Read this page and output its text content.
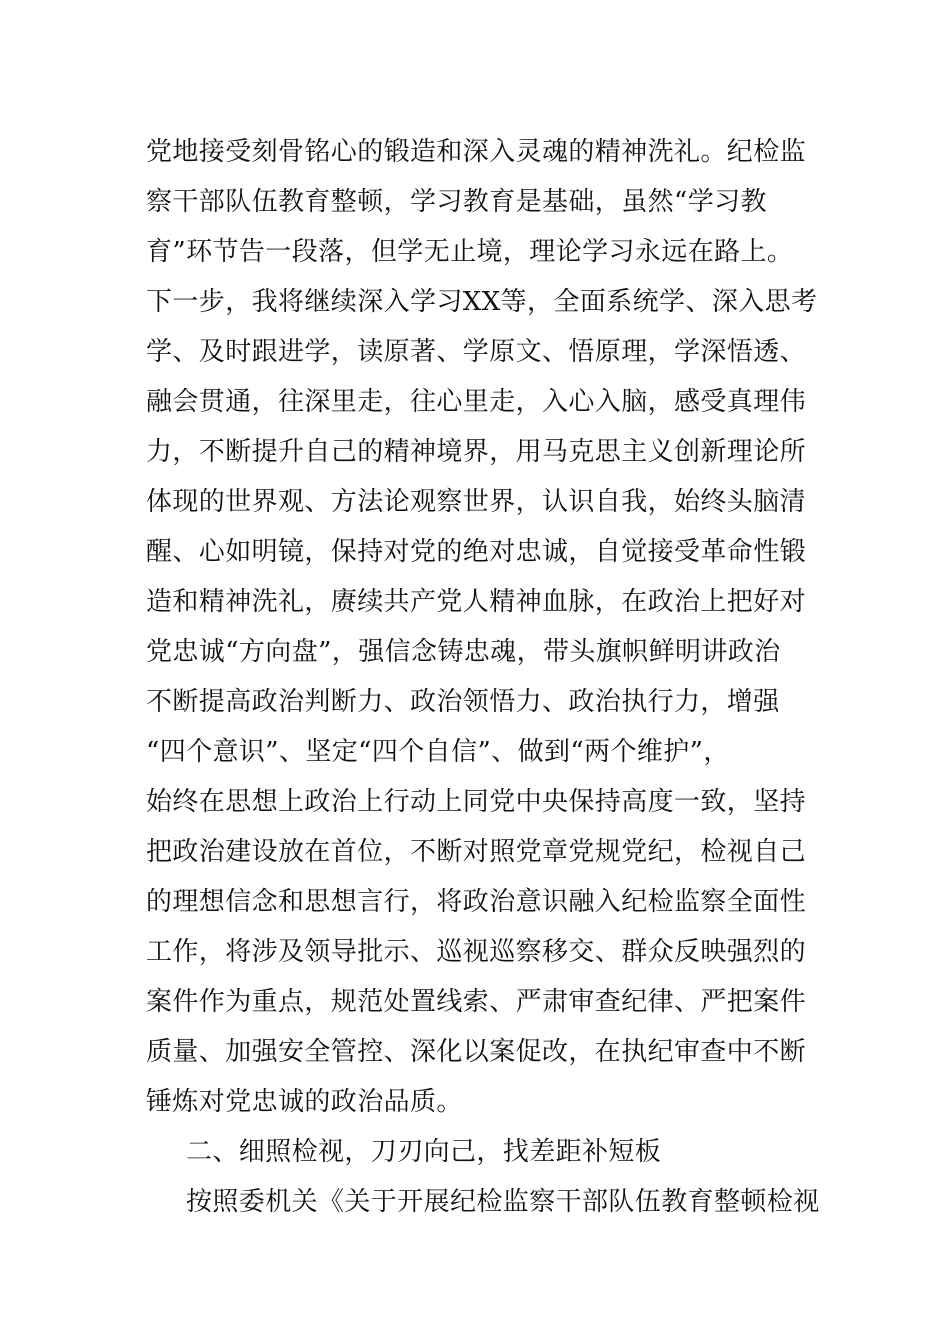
党地接受刻骨铭心的锻造和深入灵魂的精神洗礼。纪检监
察干部队伍教育整顿，学习教育是基础，虽然“学习教
育”环节告一段落，但学无止境，理论学习永远在路上。
下一步，我将继续深入学习XX等，全面系统学、深入思考
学、及时跟进学，读原著、学原文、悟原理，学深悟透、
融会贯通，往深里走，往心里走，入心入脑，感受真理伟
力，不断提升自己的精神境界，用马克思主义创新理论所
体现的世界观、方法论观察世界，认识自我，始终头脑清
醒、心如明镜，保持对党的绝对忠诚，自觉接受革命性锻
造和精神洗礼，赓续共产党人精神血脉，在政治上把好对
党忠诚“方向盘”，强信念铸忠魂，带头旗帜鲜明讲政治
不断提高政治判断力、政治领悟力、政治执行力，增强
“四个意识”、坚定“四个自信”、做到“两个维护”，
始终在思想上政治上行动上同党中央保持高度一致，坚持
把政治建设放在首位，不断对照党章党规党纪，检视自己
的理想信念和思想言行，将政治意识融入纪检监察全面性
工作，将涉及领导批示、巡视巡察移交、群众反映强烈的
案件作为重点，规范处置线索、严肃审查纪律、严把案件
质量、加强安全管控、深化以案促改，在执纪审查中不断
锤炼对党忠诚的政治品质。
二、细照检视，刀刃向己，找差距补短板
按照委机关《关于开展纪检监察干部队伍教育整顿检视
